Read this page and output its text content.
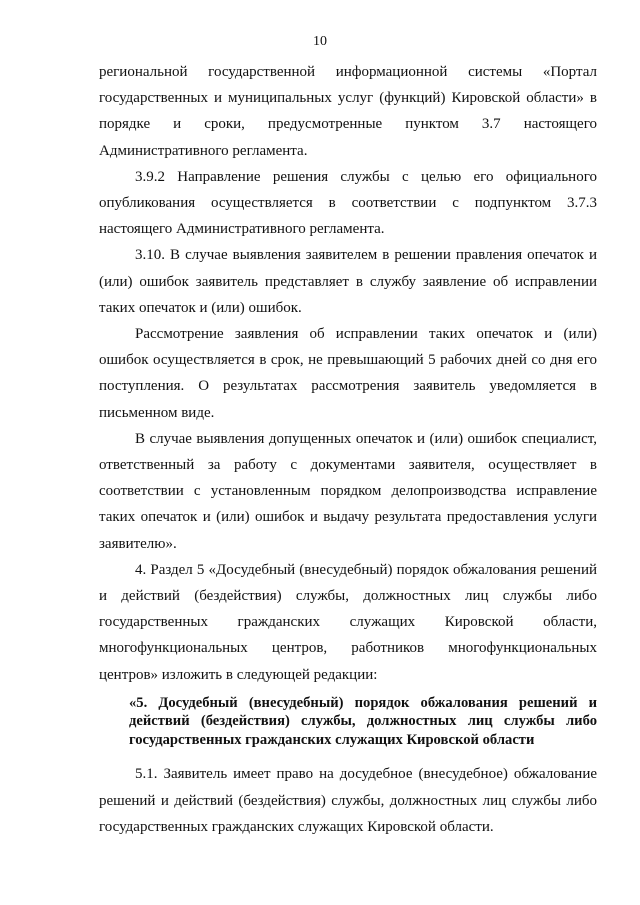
10

региональной государственной информационной системы «Портал государственных и муниципальных услуг (функций) Кировской области» в порядке и сроки, предусмотренные пунктом 3.7 настоящего Административного регламента.

3.9.2 Направление решения службы с целью его официального опубликования осуществляется в соответствии с подпунктом 3.7.3 настоящего Административного регламента.

3.10. В случае выявления заявителем в решении правления опечаток и (или) ошибок заявитель представляет в службу заявление об исправлении таких опечаток и (или) ошибок.

Рассмотрение заявления об исправлении таких опечаток и (или) ошибок осуществляется в срок, не превышающий 5 рабочих дней со дня его поступления. О результатах рассмотрения заявитель уведомляется в письменном виде.

В случае выявления допущенных опечаток и (или) ошибок специалист, ответственный за работу с документами заявителя, осуществляет в соответствии с установленным порядком делопроизводства исправление таких опечаток и (или) ошибок и выдачу результата предоставления услуги заявителю».

4. Раздел 5 «Досудебный (внесудебный) порядок обжалования решений и действий (бездействия) службы, должностных лиц службы либо государственных гражданских служащих Кировской области, многофункциональных центров, работников многофункциональных центров» изложить в следующей редакции:

«5. Досудебный (внесудебный) порядок обжалования решений и действий (бездействия) службы, должностных лиц службы либо государственных гражданских служащих Кировской области

5.1. Заявитель имеет право на досудебное (внесудебное) обжалование решений и действий (бездействия) службы, должностных лиц службы либо государственных гражданских служащих Кировской области.
